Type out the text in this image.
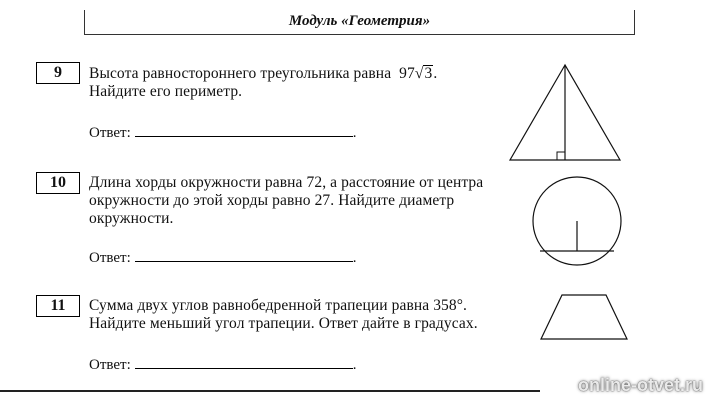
Модуль «Геометрия»
9	Высота равностороннего треугольника равна  97√3.
Найдите его периметр.
Ответ:	.
10	Длина хорды окружности равна 72, а расстояние от центра
окружности до этой хорды равно 27. Найдите диаметр
окружности.
Ответ:	.
11	Сумма двух углов равнобедренной трапеции равна 358°.
Найдите меньший угол трапеции. Ответ дайте в градусах.
Ответ:	.
online-otvet.ru
